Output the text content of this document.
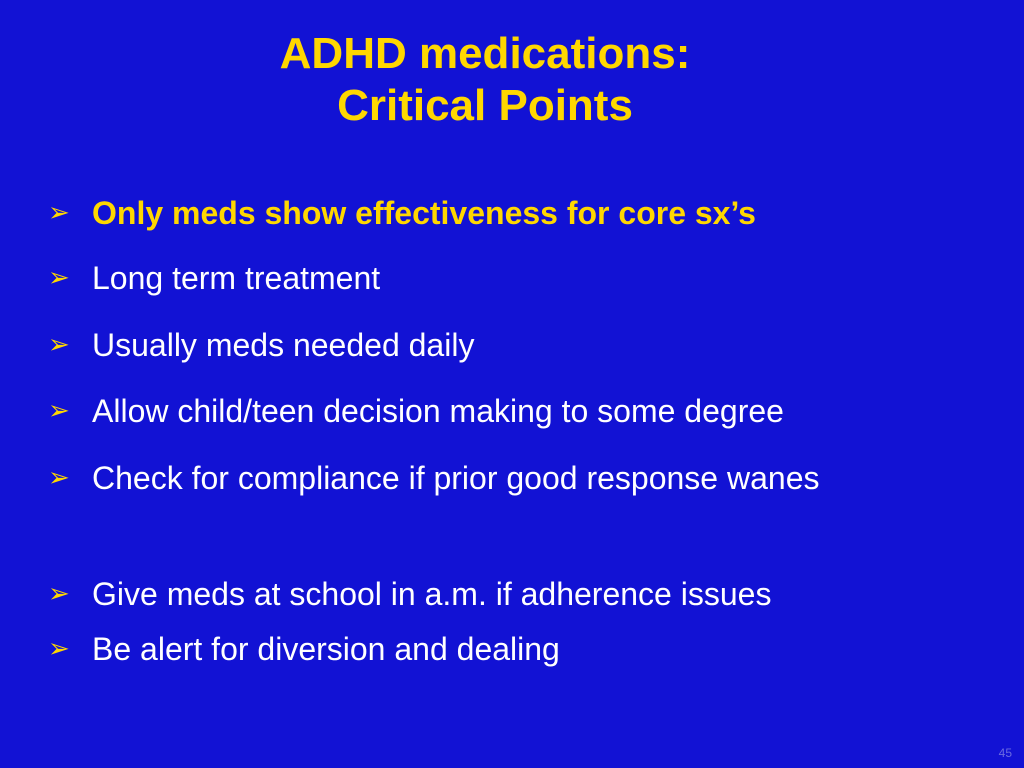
ADHD medications:
Critical Points
➢ Only meds show effectiveness for core sx’s
➢ Long term treatment
➢ Usually meds needed daily
➢ Allow child/teen decision making to some degree
➢ Check for compliance if prior good response wanes
➢ Give meds at school in a.m. if adherence issues
➢ Be alert for diversion and dealing
45
